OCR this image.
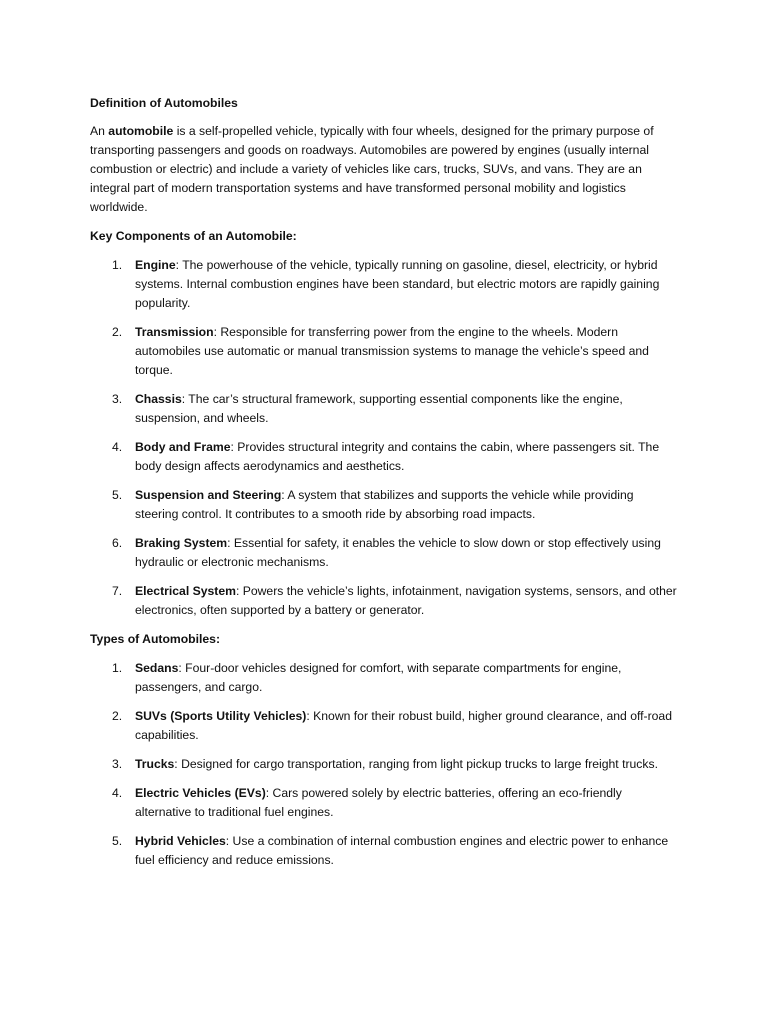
Definition of Automobiles

An automobile is a self-propelled vehicle, typically with four wheels, designed for the primary purpose of transporting passengers and goods on roadways. Automobiles are powered by engines (usually internal combustion or electric) and include a variety of vehicles like cars, trucks, SUVs, and vans. They are an integral part of modern transportation systems and have transformed personal mobility and logistics worldwide.

Key Components of an Automobile:
1. Engine: The powerhouse of the vehicle, typically running on gasoline, diesel, electricity, or hybrid systems. Internal combustion engines have been standard, but electric motors are rapidly gaining popularity.
2. Transmission: Responsible for transferring power from the engine to the wheels. Modern automobiles use automatic or manual transmission systems to manage the vehicle’s speed and torque.
3. Chassis: The car’s structural framework, supporting essential components like the engine, suspension, and wheels.
4. Body and Frame: Provides structural integrity and contains the cabin, where passengers sit. The body design affects aerodynamics and aesthetics.
5. Suspension and Steering: A system that stabilizes and supports the vehicle while providing steering control. It contributes to a smooth ride by absorbing road impacts.
6. Braking System: Essential for safety, it enables the vehicle to slow down or stop effectively using hydraulic or electronic mechanisms.
7. Electrical System: Powers the vehicle’s lights, infotainment, navigation systems, sensors, and other electronics, often supported by a battery or generator.
Types of Automobiles:
1. Sedans: Four-door vehicles designed for comfort, with separate compartments for engine, passengers, and cargo.
2. SUVs (Sports Utility Vehicles): Known for their robust build, higher ground clearance, and off-road capabilities.
3. Trucks: Designed for cargo transportation, ranging from light pickup trucks to large freight trucks.
4. Electric Vehicles (EVs): Cars powered solely by electric batteries, offering an eco-friendly alternative to traditional fuel engines.
5. Hybrid Vehicles: Use a combination of internal combustion engines and electric power to enhance fuel efficiency and reduce emissions.
